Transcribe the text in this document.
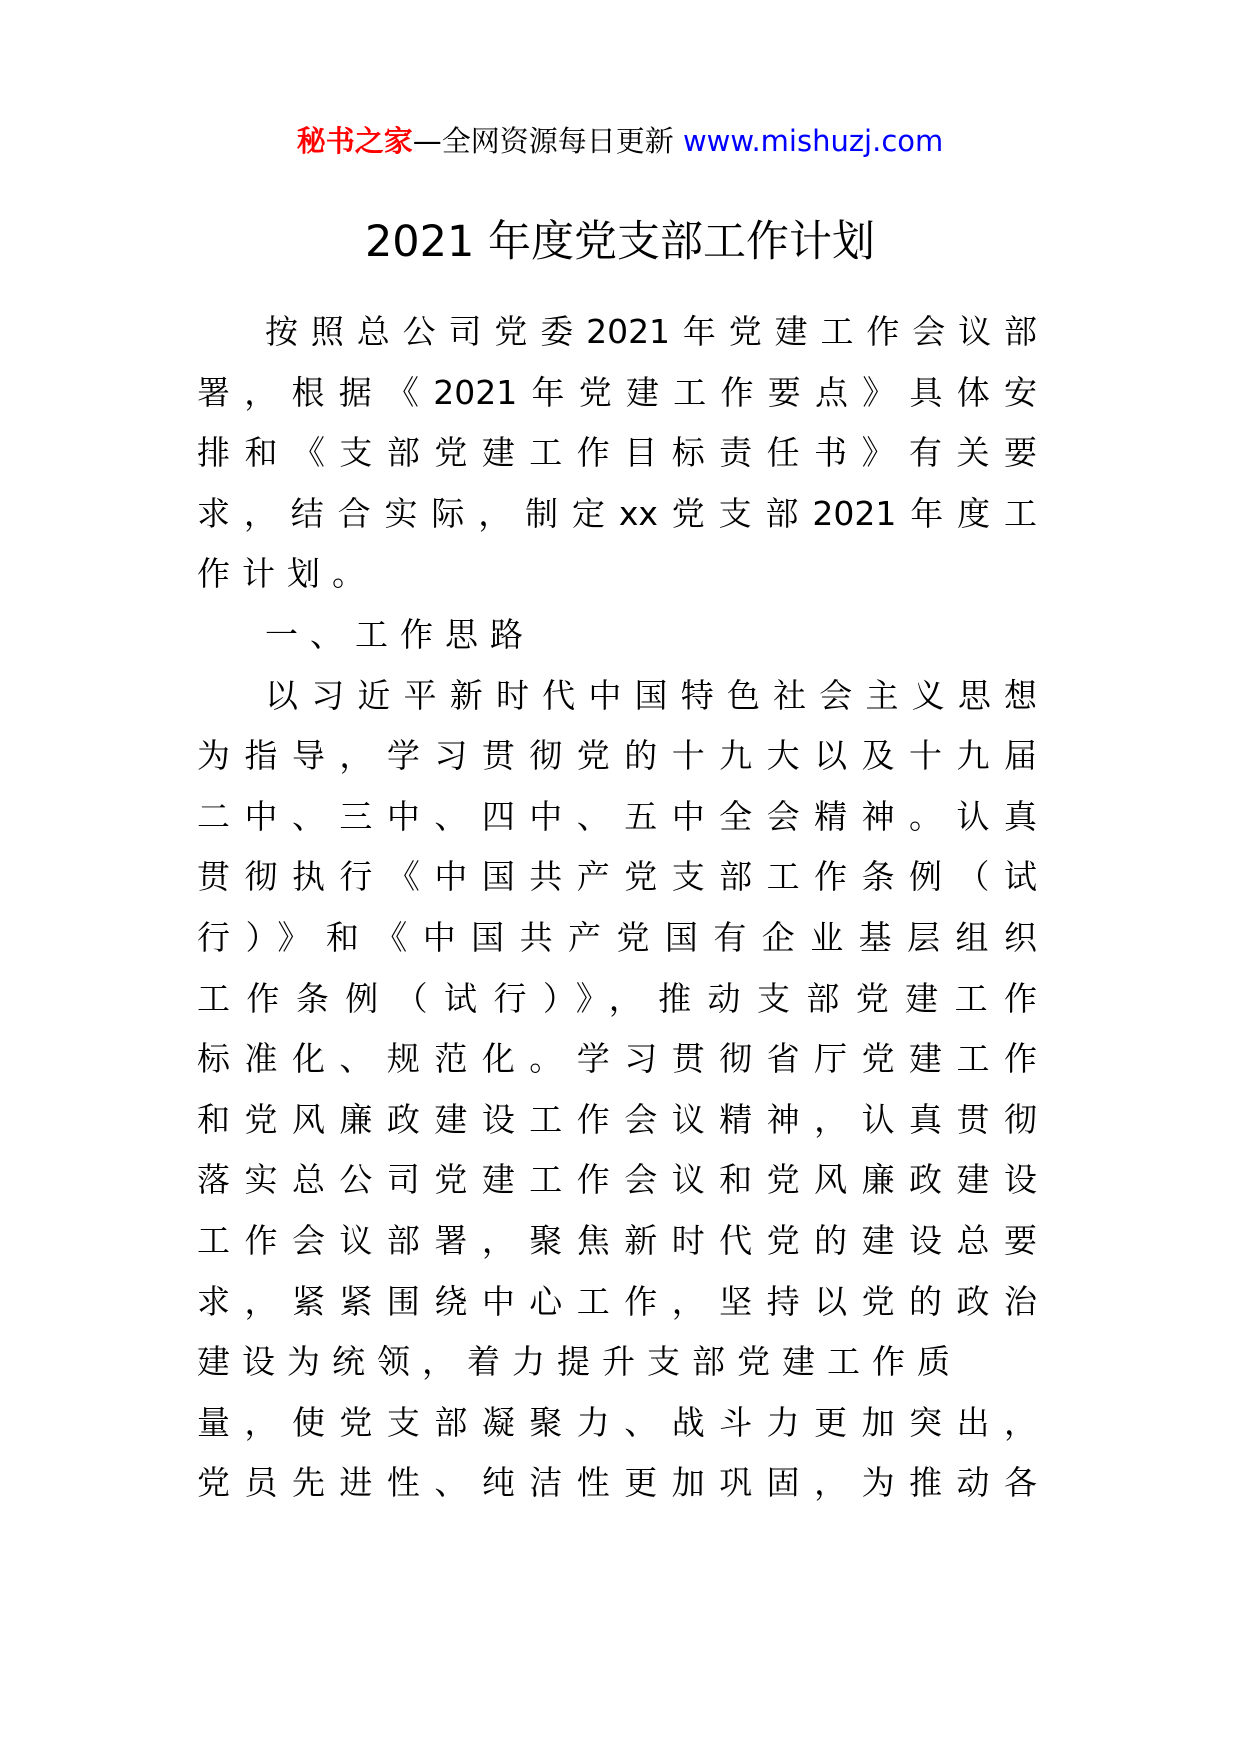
秘书之家—全网资源每日更新 www.mishuzj.com
2021 年度党支部工作计划
按照总公司党委2021年党建工作会议部
署，根据《2021年党建工作要点》具体安
排和《支部党建工作目标责任书》有关要
求，结合实际，制定xx党支部2021年度工
作计划。
一、工作思路
以习近平新时代中国特色社会主义思想
为指导，学习贯彻党的十九大以及十九届
二中、三中、四中、五中全会精神。认真
贯彻执行《中国共产党支部工作条例（试
行）》和《中国共产党国有企业基层组织
工作条例（试行）》，推动支部党建工作
标准化、规范化。学习贯彻省厅党建工作
和党风廉政建设工作会议精神，认真贯彻
落实总公司党建工作会议和党风廉政建设
工作会议部署，聚焦新时代党的建设总要
求，紧紧围绕中心工作，坚持以党的政治
建设为统领，着力提升支部党建工作质
量，使党支部凝聚力、战斗力更加突出，
党员先进性、纯洁性更加巩固，为推动各
